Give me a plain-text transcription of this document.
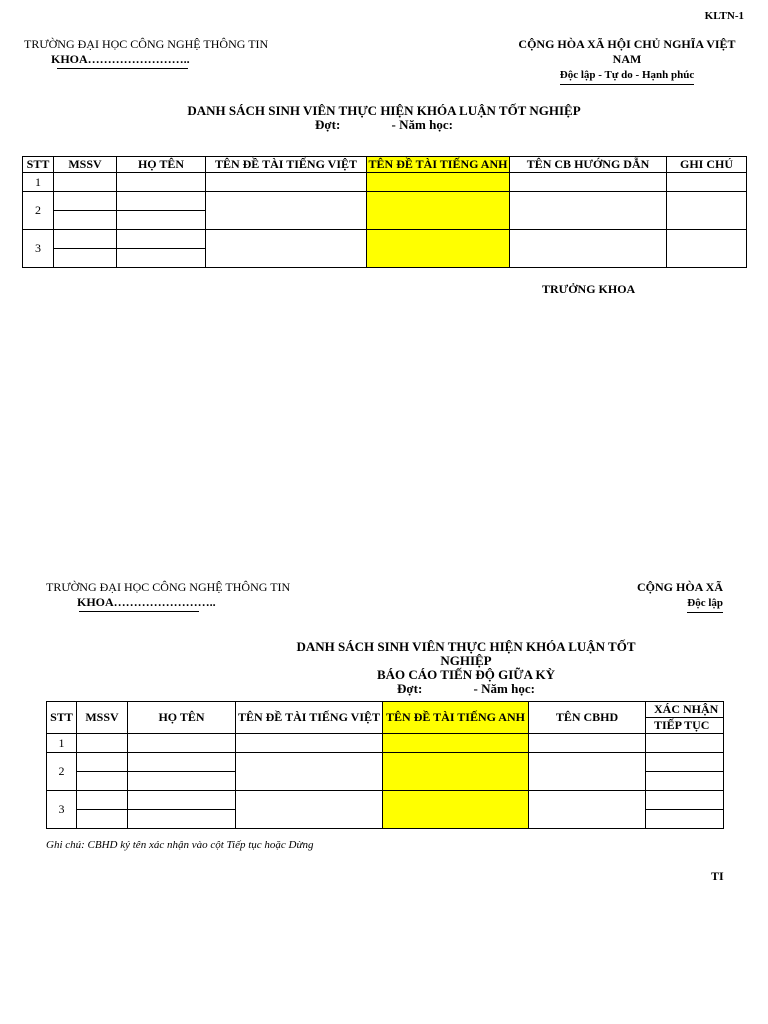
KLTN-1
TRƯỜNG ĐẠI HỌC CÔNG NGHỆ THÔNG TIN
KHOA……………………..
CỘNG HÒA XÃ HỘI CHỦ NGHĨA VIỆT NAM
Độc lập - Tự do - Hạnh phúc
DANH SÁCH SINH VIÊN THỰC HIỆN KHÓA LUẬN TỐT NGHIỆP
Đợt:	- Năm học:
STT	MSSV	HỌ TÊN	TÊN ĐỀ TÀI TIẾNG VIỆT	TÊN ĐỀ TÀI TIẾNG ANH	TÊN CB HƯỚNG DẪN	GHI CHÚ
1						
2						

3						

TRƯỞNG KHOA
TRƯỜNG ĐẠI HỌC CÔNG NGHỆ THÔNG TIN
KHOA……………………..
CỘNG HÒA XÃ
Độc lập
DANH SÁCH SINH VIÊN THỰC HIỆN KHÓA LUẬN TỐT NGHIỆP
BÁO CÁO TIẾN ĐỘ GIỮA KỲ
Đợt:	- Năm học:
STT	MSSV	HỌ TÊN	TÊN ĐỀ TÀI TIẾNG VIỆT	TÊN ĐỀ TÀI TIẾNG ANH	TÊN CBHD	XÁC NHẬN
						TIẾP TỤC
1						
2						

3						

Ghi chú: CBHD ký tên xác nhận vào cột Tiếp tục hoặc Dừng
TI
